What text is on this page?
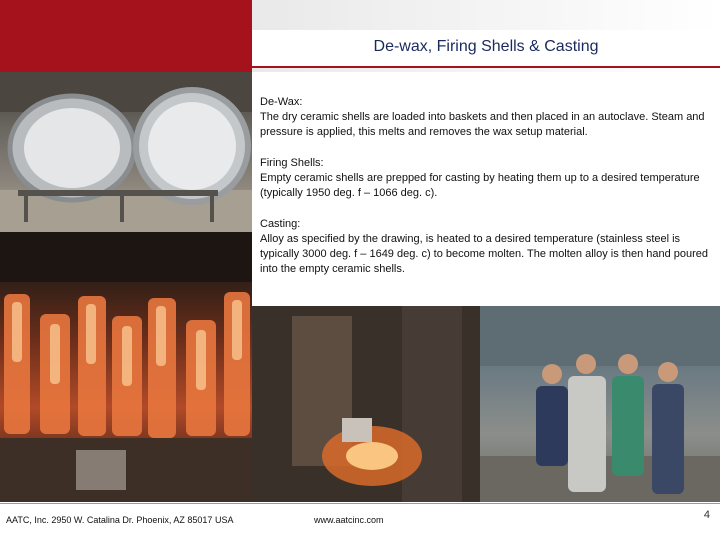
De-wax, Firing Shells & Casting
De-Wax:
The dry ceramic shells are loaded into baskets and then placed in an autoclave. Steam and pressure is applied, this melts and removes the wax setup material.
Firing Shells:
Empty ceramic shells are prepped for casting by heating them up to a desired temperature (typically 1950 deg. f – 1066 deg. c).
Casting:
Alloy as specified by the drawing, is heated to a desired temperature (stainless steel is typically 3000 deg. f – 1649 deg. c) to become molten. The molten alloy is then hand poured into the empty ceramic shells.
AATC, Inc. 2950 W. Catalina Dr. Phoenix, AZ 85017 USA	www.aatcinc.com	4
